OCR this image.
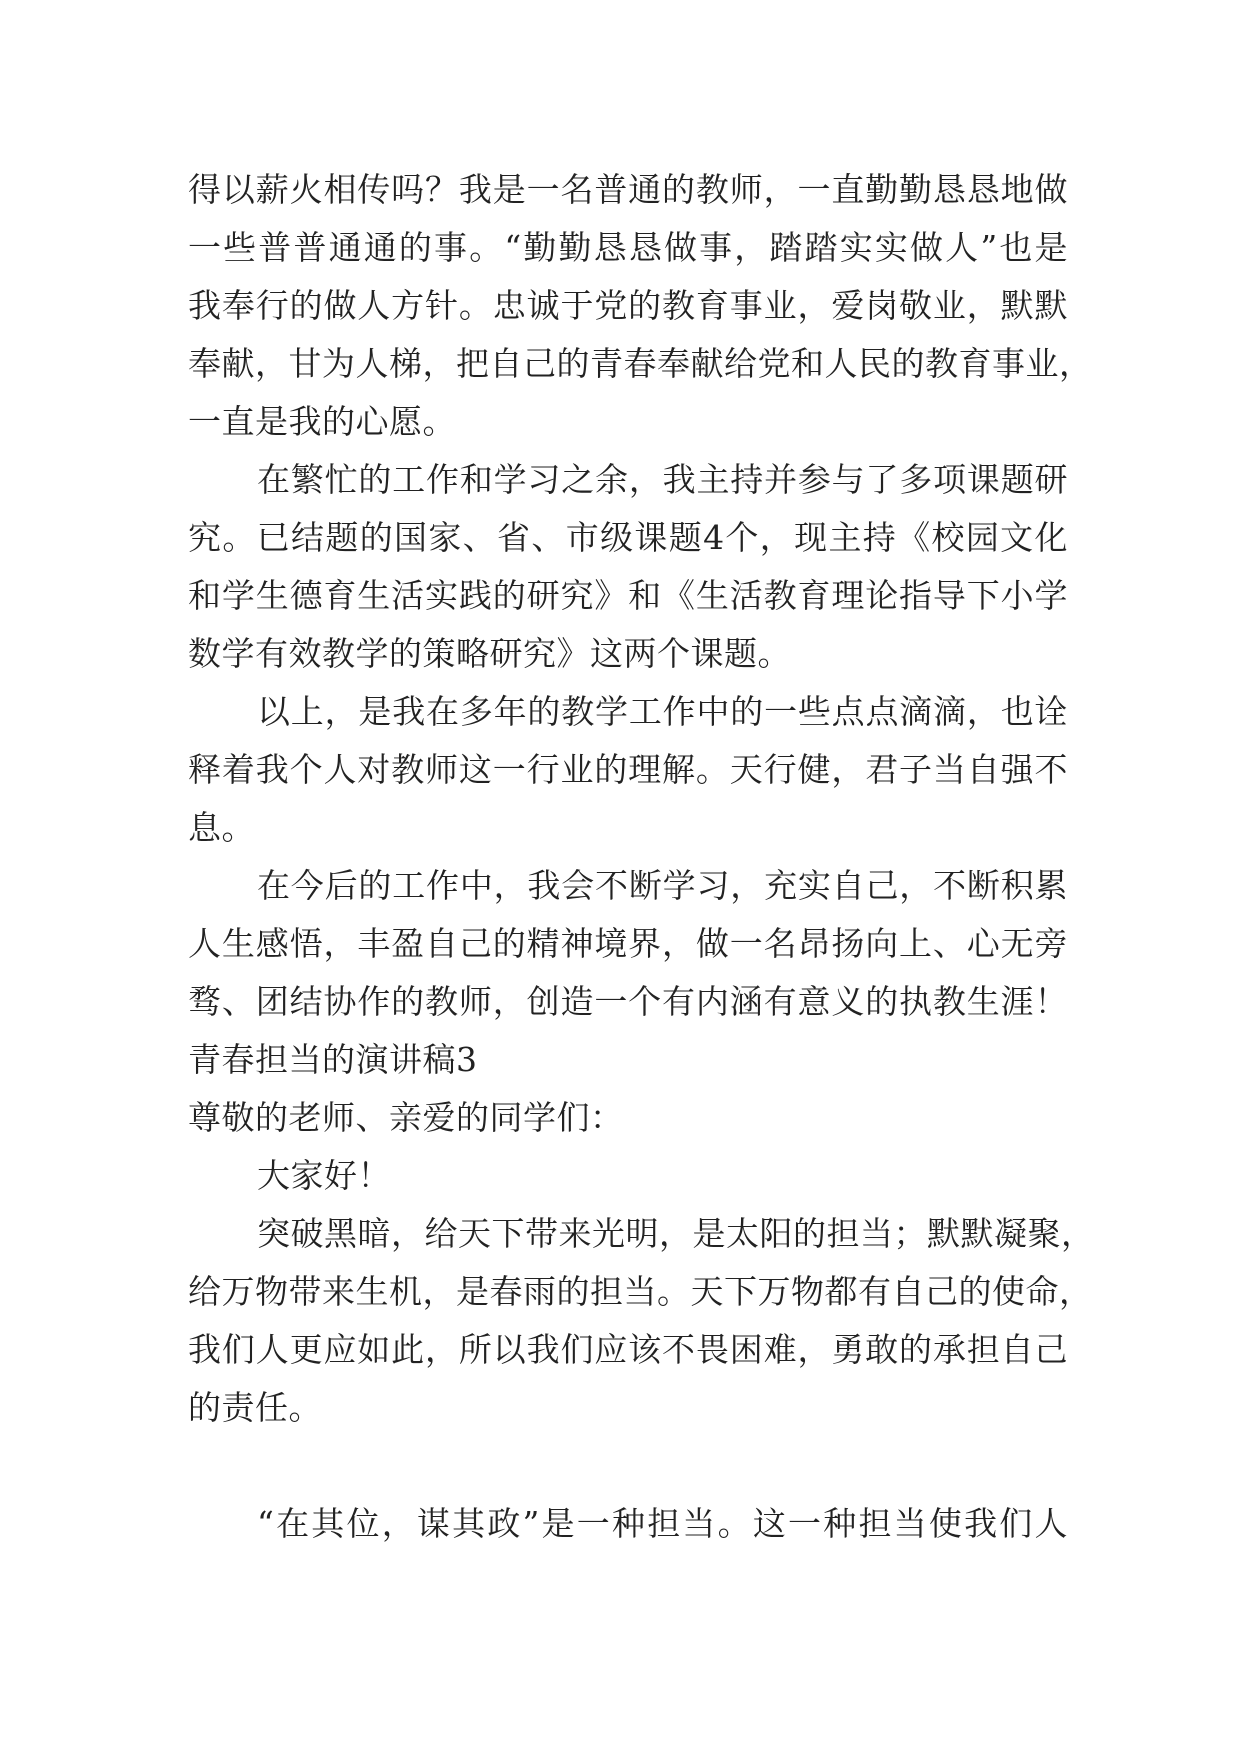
得以薪火相传吗？我是一名普通的教师，一直勤勤恳恳地做
一些普普通通的事。“勤勤恳恳做事，踏踏实实做人”也是
我奉行的做人方针。忠诚于党的教育事业，爱岗敬业，默默
奉献，甘为人梯，把自己的青春奉献给党和人民的教育事业，
一直是我的心愿。
在繁忙的工作和学习之余，我主持并参与了多项课题研
究。已结题的国家、省、市级课题4个，现主持《校园文化
和学生德育生活实践的研究》和《生活教育理论指导下小学
数学有效教学的策略研究》这两个课题。
以上，是我在多年的教学工作中的一些点点滴滴，也诠
释着我个人对教师这一行业的理解。天行健，君子当自强不
息。
在今后的工作中，我会不断学习，充实自己，不断积累
人生感悟，丰盈自己的精神境界，做一名昂扬向上、心无旁
骛、团结协作的教师，创造一个有内涵有意义的执教生涯！
青春担当的演讲稿3
尊敬的老师、亲爱的同学们：
大家好！
突破黑暗，给天下带来光明，是太阳的担当；默默凝聚，
给万物带来生机，是春雨的担当。天下万物都有自己的使命，
我们人更应如此，所以我们应该不畏困难，勇敢的承担自己
的责任。
“在其位，谋其政”是一种担当。这一种担当使我们人
